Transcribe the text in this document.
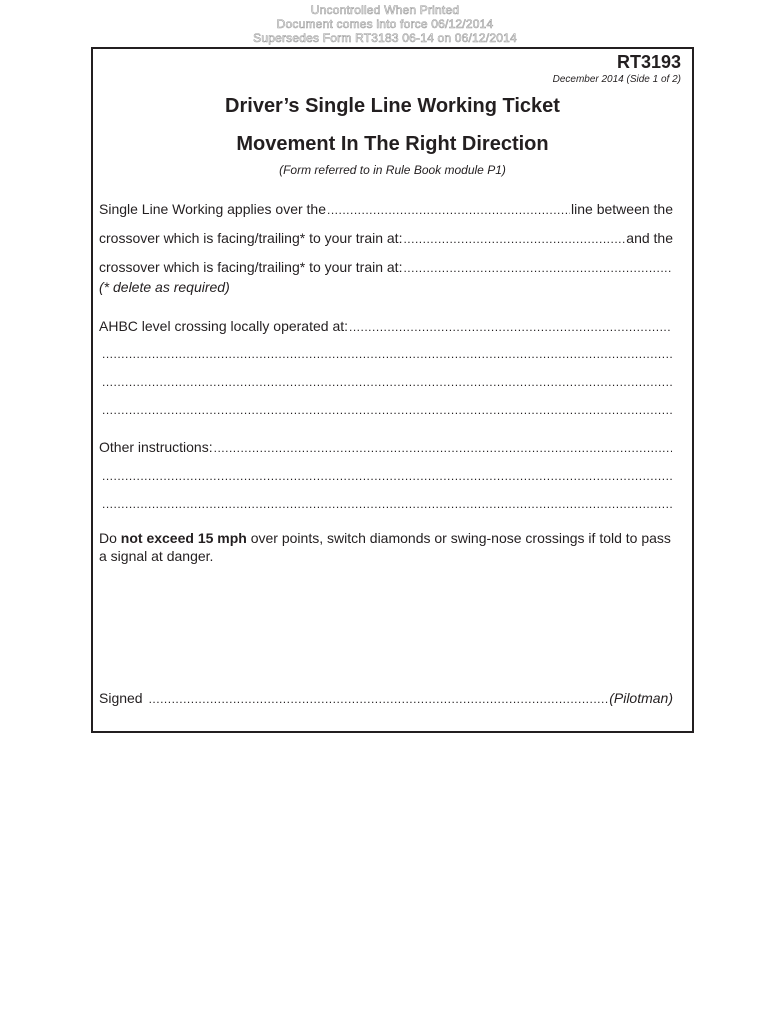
Uncontrolled When Printed
Document comes into force 06/12/2014
Supersedes Form RT3183 06-14 on 06/12/2014
RT3193
December 2014 (Side 1 of 2)
Driver’s Single Line Working Ticket
Movement In The Right Direction
(Form referred to in Rule Book module P1)
Single Line Working applies over the .....	line between the
crossover which is facing/trailing* to your train at: .....	and the
crossover which is facing/trailing* to your train at:
.....
(* delete as required)
AHBC level crossing locally operated at:
.....
.....
.....
.....
Other instructions:
.....
.....
.....
Do not exceed 15 mph over points, switch diamonds or swing-nose crossings if told to pass a signal at danger.
Signed .....	(Pilotman)
